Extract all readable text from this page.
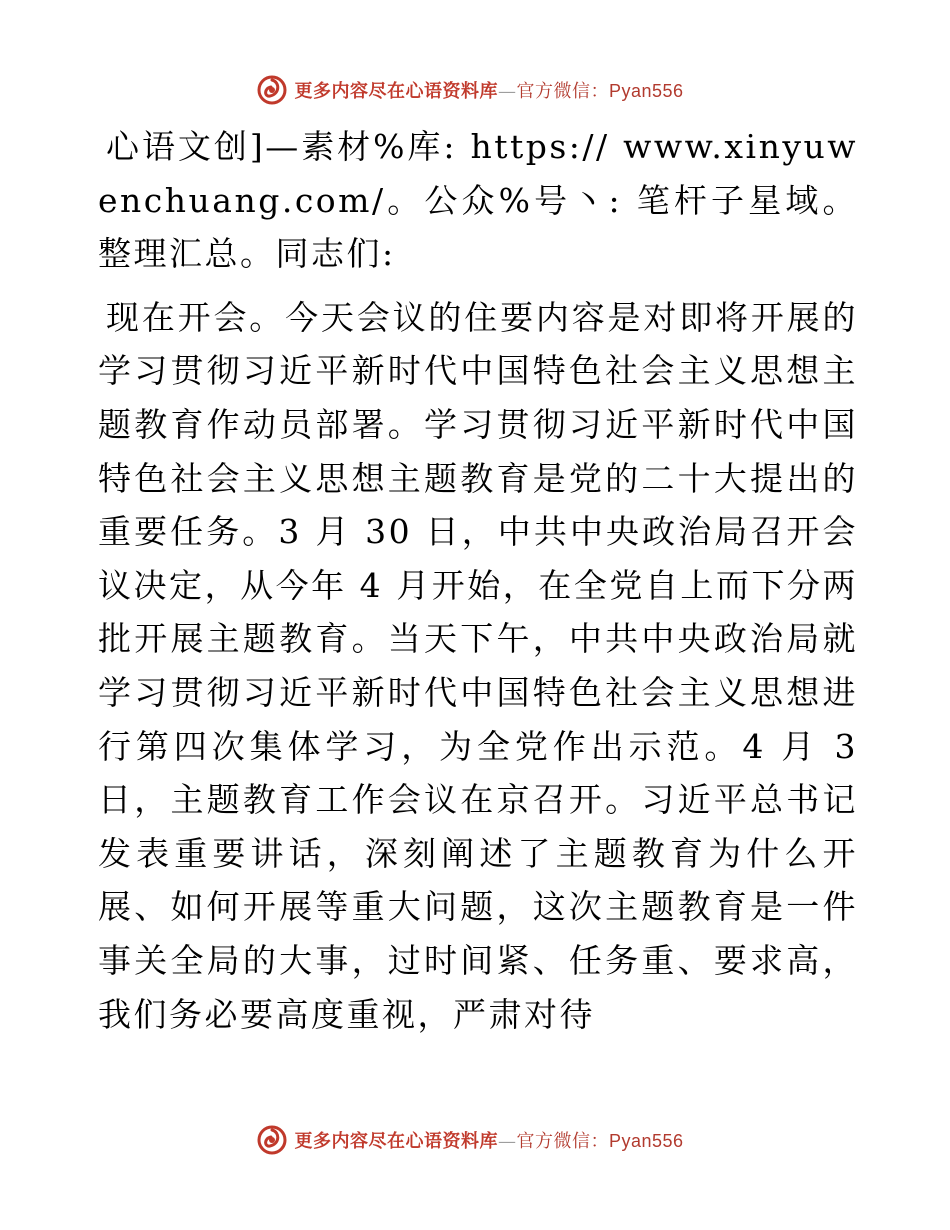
更多内容尽在心语资料库—官方微信：Pyan556

心语文创]—素材%库: https:// www.xinyuwenchuang.com/。公众%号丶: 笔杆子星域。整理汇总。同志们:

现在开会。今天会议的住要内容是对即将开展的学习贯彻习近平新时代中国特色社会主义思想主题教育作动员部署。学习贯彻习近平新时代中国特色社会主义思想主题教育是党的二十大提出的重要任务。3 月 30 日，中共中央政治局召开会议决定，从今年 4 月开始，在全党自上而下分两批开展主题教育。当天下午，中共中央政治局就学习贯彻习近平新时代中国特色社会主义思想进行第四次集体学习，为全党作出示范。4 月 3 日，主题教育工作会议在京召开。习近平总书记发表重要讲话，深刻阐述了主题教育为什么开展、如何开展等重大问题，这次主题教育是一件事关全局的大事，过时间紧、任务重、要求高，我们务必要高度重视，严肃对待

更多内容尽在心语资料库—官方微信：Pyan556
